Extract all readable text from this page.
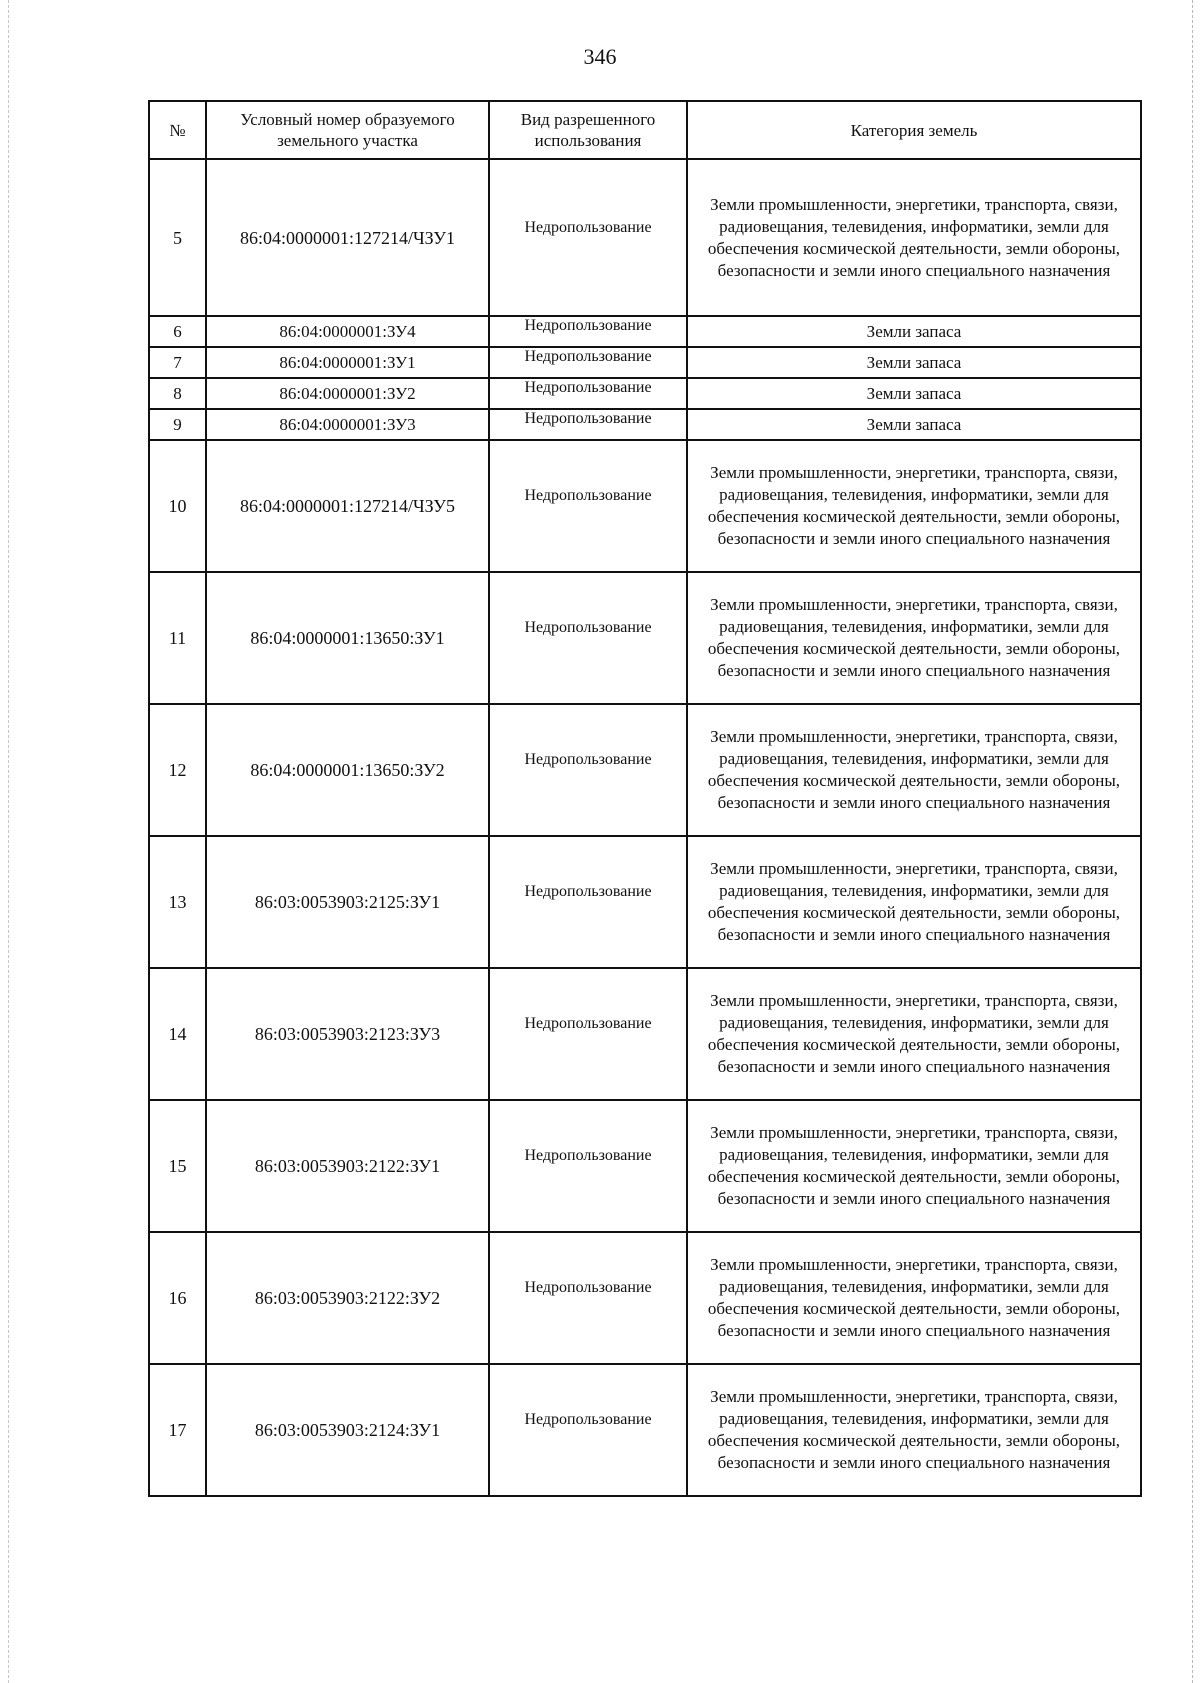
346
№	Условный номер образуемого земельного участка	Вид разрешенного использования	Категория земель
5	86:04:0000001:127214/ЧЗУ1	Недропользование	Земли промышленности, энергетики, транспорта, связи, радиовещания, телевидения, информатики, земли для обеспечения космической деятельности, земли обороны, безопасности и земли иного специального назначения
6	86:04:0000001:ЗУ4	Недропользование	Земли запаса
7	86:04:0000001:ЗУ1	Недропользование	Земли запаса
8	86:04:0000001:ЗУ2	Недропользование	Земли запаса
9	86:04:0000001:ЗУ3	Недропользование	Земли запаса
10	86:04:0000001:127214/ЧЗУ5	Недропользование	Земли промышленности, энергетики, транспорта, связи, радиовещания, телевидения, информатики, земли для обеспечения космической деятельности, земли обороны, безопасности и земли иного специального назначения
11	86:04:0000001:13650:ЗУ1	Недропользование	Земли промышленности, энергетики, транспорта, связи, радиовещания, телевидения, информатики, земли для обеспечения космической деятельности, земли обороны, безопасности и земли иного специального назначения
12	86:04:0000001:13650:ЗУ2	Недропользование	Земли промышленности, энергетики, транспорта, связи, радиовещания, телевидения, информатики, земли для обеспечения космической деятельности, земли обороны, безопасности и земли иного специального назначения
13	86:03:0053903:2125:ЗУ1	Недропользование	Земли промышленности, энергетики, транспорта, связи, радиовещания, телевидения, информатики, земли для обеспечения космической деятельности, земли обороны, безопасности и земли иного специального назначения
14	86:03:0053903:2123:ЗУ3	Недропользование	Земли промышленности, энергетики, транспорта, связи, радиовещания, телевидения, информатики, земли для обеспечения космической деятельности, земли обороны, безопасности и земли иного специального назначения
15	86:03:0053903:2122:ЗУ1	Недропользование	Земли промышленности, энергетики, транспорта, связи, радиовещания, телевидения, информатики, земли для обеспечения космической деятельности, земли обороны, безопасности и земли иного специального назначения
16	86:03:0053903:2122:ЗУ2	Недропользование	Земли промышленности, энергетики, транспорта, связи, радиовещания, телевидения, информатики, земли для обеспечения космической деятельности, земли обороны, безопасности и земли иного специального назначения
17	86:03:0053903:2124:ЗУ1	Недропользование	Земли промышленности, энергетики, транспорта, связи, радиовещания, телевидения, информатики, земли для обеспечения космической деятельности, земли обороны, безопасности и земли иного специального назначения
